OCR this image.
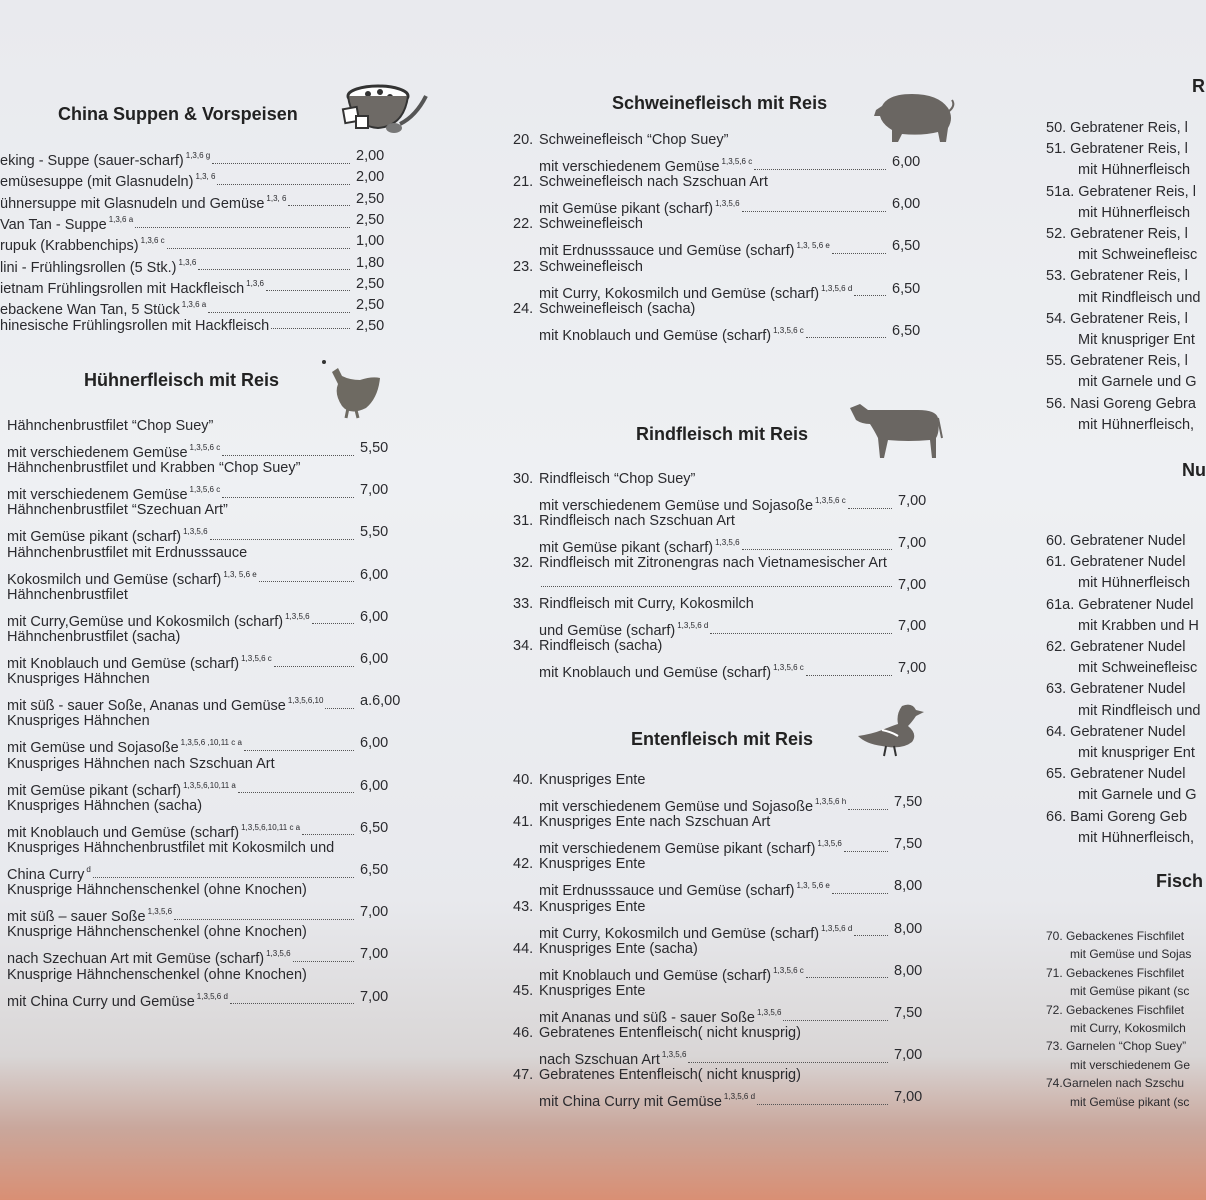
China Suppen & Vorspeisen
eking - Suppe (sauer-scharf) $^{1,3,6 g}$	2,00
emüsesuppe (mit Glasnudeln) $^{1,3, 6}$	2,00
ühnersuppe mit Glasnudeln und Gemüse $^{1,3, 6}$	2,50
Van Tan - Suppe $^{1,3,6 a}$	2,50
rupuk (Krabbenchips) $^{1,3,6 c}$	1,00
lini - Frühlingsrollen (5 Stk.) $^{1,3,6}$	1,80
ietnam Frühlingsrollen mit Hackfleisch $^{1,3,6}$	2,50
ebackene Wan Tan, 5 Stück $^{1,3,6 a}$	2,50
hinesische Frühlingsrollen mit Hackfleisch	2,50
Hühnerfleisch mit Reis
Hähnchenbrustfilet “Chop Suey”
mit verschiedenem Gemüse $^{1,3,5,6 c}$	5,50
Hähnchenbrustfilet und Krabben “Chop Suey”
mit verschiedenem Gemüse $^{1,3,5,6 c}$	7,00
Hähnchenbrustfilet “Szechuan Art”
mit Gemüse pikant (scharf) $^{1,3,5,6}$	5,50
Hähnchenbrustfilet mit Erdnusssauce
Kokosmilch und Gemüse (scharf) $^{1,3, 5,6 e}$	6,00
Hähnchenbrustfilet
mit Curry,Gemüse und Kokosmilch (scharf) $^{1,3,5,6}$	6,00
Hähnchenbrustfilet (sacha)
mit Knoblauch und Gemüse (scharf) $^{1,3,5,6 c}$	6,00
Knuspriges Hähnchen
mit süß - sauer Soße, Ananas und Gemüse $^{1,3,5,6,10}$	a.6,00
Knuspriges Hähnchen
mit Gemüse und Sojasoße $^{1,3,5,6 ,10,11 c a}$	6,00
Knuspriges Hähnchen nach Szschuan Art
mit Gemüse pikant (scharf) $^{1,3,5,6,10,11 a}$	6,00
Knuspriges Hähnchen (sacha)
mit Knoblauch und Gemüse (scharf) $^{1,3,5,6,10,11 c a}$	6,50
Knuspriges Hähnchenbrustfilet mit Kokosmilch und
China Curry $^d$	6,50
Knusprige Hähnchenschenkel (ohne Knochen)
mit süß – sauer Soße $^{1,3,5,6}$	7,00
Knusprige Hähnchenschenkel (ohne Knochen)
nach Szechuan Art mit Gemüse (scharf) $^{1,3,5,6}$	7,00
Knusprige Hähnchenschenkel (ohne Knochen)
mit China Curry und Gemüse $^{1,3,5,6 d}$	7,00
Schweinefleisch mit Reis
20. Schweinefleisch “Chop Suey”
mit verschiedenem Gemüse $^{1,3,5,6 c}$	6,00
21. Schweinefleisch nach Szschuan Art
mit Gemüse pikant (scharf) $^{1,3,5,6}$	6,00
22. Schweinefleisch
mit Erdnusssauce und Gemüse (scharf) $^{1,3, 5,6 e}$	6,50
23. Schweinefleisch
mit Curry, Kokosmilch und Gemüse (scharf) $^{1,3,5,6 d}$	6,50
24. Schweinefleisch (sacha)
mit Knoblauch und Gemüse (scharf) $^{1,3,5,6 c}$	6,50
Rindfleisch mit Reis
30. Rindfleisch “Chop Suey”
mit verschiedenem Gemüse und Sojasoße $^{1,3,5,6 c}$	7,00
31. Rindfleisch nach Szschuan Art
mit Gemüse pikant (scharf) $^{1,3,5,6}$	7,00
32. Rindfleisch mit Zitronengras nach Vietnamesischer Art
7,00
33. Rindfleisch mit Curry, Kokosmilch
und Gemüse (scharf) $^{1,3,5,6 d}$	7,00
34. Rindfleisch (sacha)
mit Knoblauch und Gemüse (scharf) $^{1,3,5,6 c}$	7,00
Entenfleisch mit Reis
40. Knuspriges Ente
mit verschiedenem Gemüse und Sojasoße $^{1,3,5,6 h}$	7,50
41. Knuspriges Ente nach Szschuan Art
mit verschiedenem Gemüse pikant (scharf) $^{1,3,5,6}$	7,50
42. Knuspriges Ente
mit Erdnusssauce und Gemüse (scharf) $^{1,3, 5,6 e}$	8,00
43. Knuspriges Ente
mit Curry, Kokosmilch und Gemüse (scharf) $^{1,3,5,6 d}$	8,00
44. Knuspriges Ente (sacha)
mit Knoblauch und Gemüse (scharf) $^{1,3,5,6 c}$	8,00
45. Knuspriges Ente
mit Ananas und süß - sauer Soße $^{1,3,5,6}$	7,50
46. Gebratenes Entenfleisch( nicht knusprig)
nach Szschuan Art $^{1,3,5,6}$	7,00
47. Gebratenes Entenfleisch( nicht knusprig)
mit China Curry mit Gemüse $^{1,3,5,6 d}$	7,00
R
50. Gebratener Reis, l
51. Gebratener Reis, l
mit Hühnerfleisch
51a. Gebratener Reis, l
mit Hühnerfleisch
52. Gebratener Reis, l
mit Schweinefleisc
53. Gebratener Reis, l
mit Rindfleisch und
54. Gebratener Reis, l
Mit knuspriger Ent
55. Gebratener Reis, l
mit Garnele und G
56. Nasi Goreng Gebra
mit Hühnerfleisch,
Nu
60. Gebratener Nudel
61. Gebratener Nudel
mit Hühnerfleisch
61a. Gebratener Nudel
mit Krabben und H
62. Gebratener Nudel
mit Schweinefleisc
63. Gebratener Nudel
mit Rindfleisch und
64. Gebratener Nudel
mit knuspriger Ent
65. Gebratener Nudel
mit Garnele und G
66. Bami Goreng Geb
mit Hühnerfleisch,
Fisch
70. Gebackenes Fischfilet
mit Gemüse und Sojas
71. Gebackenes Fischfilet
mit Gemüse pikant (sc
72. Gebackenes Fischfilet
mit Curry, Kokosmilch
73. Garnelen “Chop Suey”
mit verschiedenem Ge
74.Garnelen nach Szschu
mit Gemüse pikant (sc
